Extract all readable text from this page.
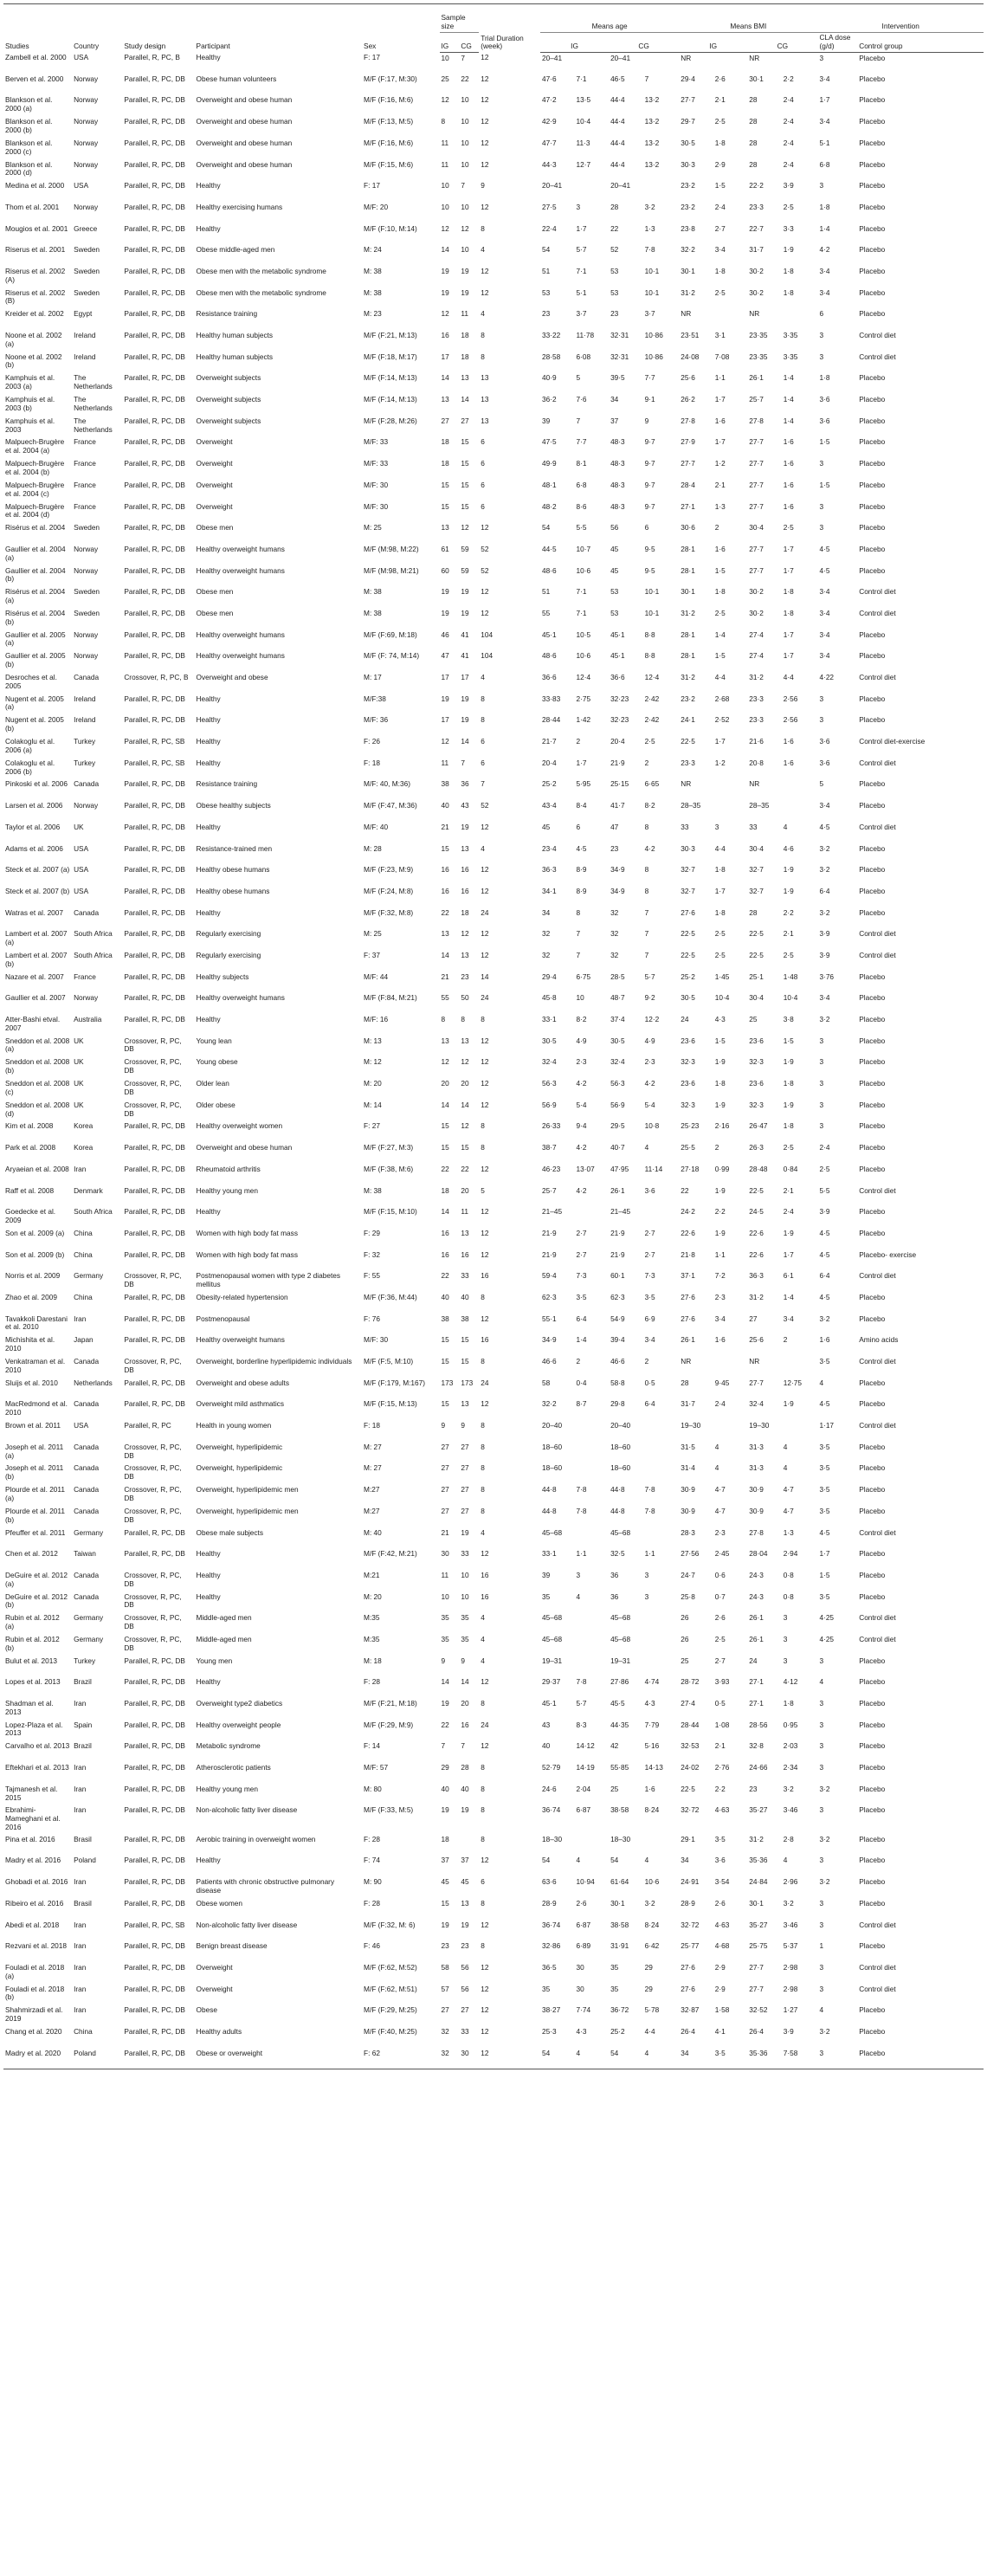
Studies	Country	Study design	Participant	Sex	Sample size		Trial Duration (week)	Means age				Means BMI				Intervention	
					IG	CG		IG		CG		IG		CG		CLA dose (g/d)	Control group
Zambell et al. 2000	USA	Parallel, R, PC, B	Healthy	F: 17	10	7	12	20–41		20–41		NR		NR		3	Placebo
Berven et al. 2000	Norway	Parallel, R, PC, DB	Obese human volunteers	M/F (F:17, M:30)	25	22	12	47·6	7·1	46·5	7	29·4	2·6	30·1	2·2	3·4	Placebo
Blankson et al. 2000 (a)	Norway	Parallel, R, PC, DB	Overweight and obese human	M/F (F:16, M:6)	12	10	12	47·2	13·5	44·4	13·2	27·7	2·1	28	2·4	1·7	Placebo
Blankson et al. 2000 (b)	Norway	Parallel, R, PC, DB	Overweight and obese human	M/F (F:13, M:5)	8	10	12	42·9	10·4	44·4	13·2	29·7	2·5	28	2·4	3·4	Placebo
Blankson et al. 2000 (c)	Norway	Parallel, R, PC, DB	Overweight and obese human	M/F (F:16, M:6)	11	10	12	47·7	11·3	44·4	13·2	30·5	1·8	28	2·4	5·1	Placebo
Blankson et al. 2000 (d)	Norway	Parallel, R, PC, DB	Overweight and obese human	M/F (F:15, M:6)	11	10	12	44·3	12·7	44·4	13·2	30·3	2·9	28	2·4	6·8	Placebo
Medina et al. 2000	USA	Parallel, R, PC, DB	Healthy	F: 17	10	7	9	20–41		20–41		23·2	1·5	22·2	3·9	3	Placebo
Thom et al. 2001	Norway	Parallel, R, PC, DB	Healthy exercising humans	M/F: 20	10	10	12	27·5	3	28	3·2	23·2	2·4	23·3	2·5	1·8	Placebo
Mougios et al. 2001	Greece	Parallel, R, PC, DB	Healthy	M/F (F:10, M:14)	12	12	8	22·4	1·7	22	1·3	23·8	2·7	22·7	3·3	1·4	Placebo
Riserus et al. 2001	Sweden	Parallel, R, PC, DB	Obese middle-aged men	M: 24	14	10	4	54	5·7	52	7·8	32·2	3·4	31·7	1·9	4·2	Placebo
Riserus et al. 2002 (A)	Sweden	Parallel, R, PC, DB	Obese men with the metabolic syndrome	M: 38	19	19	12	51	7·1	53	10·1	30·1	1·8	30·2	1·8	3·4	Placebo
Riserus et al. 2002 (B)	Sweden	Parallel, R, PC, DB	Obese men with the metabolic syndrome	M: 38	19	19	12	53	5·1	53	10·1	31·2	2·5	30·2	1·8	3·4	Placebo
Kreider et al. 2002	Egypt	Parallel, R, PC, DB	Resistance training	M: 23	12	11	4	23	3·7	23	3·7	NR		NR		6	Placebo
Noone et al. 2002 (a)	Ireland	Parallel, R, PC, DB	Healthy human subjects	M/F (F:21, M:13)	16	18	8	33·22	11·78	32·31	10·86	23·51	3·1	23·35	3·35	3	Control diet
Noone et al. 2002 (b)	Ireland	Parallel, R, PC, DB	Healthy human subjects	M/F (F:18, M:17)	17	18	8	28·58	6·08	32·31	10·86	24·08	7·08	23·35	3·35	3	Control diet
Kamphuis et al. 2003 (a)	The Netherlands	Parallel, R, PC, DB	Overweight subjects	M/F (F:14, M:13)	14	13	13	40·9	5	39·5	7·7	25·6	1·1	26·1	1·4	1·8	Placebo
Kamphuis et al. 2003 (b)	The Netherlands	Parallel, R, PC, DB	Overweight subjects	M/F (F:14, M:13)	13	14	13	36·2	7·6	34	9·1	26·2	1·7	25·7	1·4	3·6	Placebo
Kamphuis et al. 2003	The Netherlands	Parallel, R, PC, DB	Overweight subjects	M/F (F:28, M:26)	27	27	13	39	7	37	9	27·8	1·6	27·8	1·4	3·6	Placebo
Malpuech-Brugère et al. 2004 (a)	France	Parallel, R, PC, DB	Overweight	M/F: 33	18	15	6	47·5	7·7	48·3	9·7	27·9	1·7	27·7	1·6	1·5	Placebo
Malpuech-Brugère et al. 2004 (b)	France	Parallel, R, PC, DB	Overweight	M/F: 33	18	15	6	49·9	8·1	48·3	9·7	27·7	1·2	27·7	1·6	3	Placebo
Malpuech-Brugère et al. 2004 (c)	France	Parallel, R, PC, DB	Overweight	M/F: 30	15	15	6	48·1	6·8	48·3	9·7	28·4	2·1	27·7	1·6	1·5	Placebo
Malpuech-Brugère et al. 2004 (d)	France	Parallel, R, PC, DB	Overweight	M/F: 30	15	15	6	48·2	8·6	48·3	9·7	27·1	1·3	27·7	1·6	3	Placebo
Risérus et al. 2004	Sweden	Parallel, R, PC, DB	Obese men	M: 25	13	12	12	54	5·5	56	6	30·6	2	30·4	2·5	3	Placebo
Gaullier et al. 2004 (a)	Norway	Parallel, R, PC, DB	Healthy overweight humans	M/F (M:98, M:22)	61	59	52	44·5	10·7	45	9·5	28·1	1·6	27·7	1·7	4·5	Placebo
Gaullier et al. 2004 (b)	Norway	Parallel, R, PC, DB	Healthy overweight humans	M/F (M:98, M:21)	60	59	52	48·6	10·6	45	9·5	28·1	1·5	27·7	1·7	4·5	Placebo
Risérus et al. 2004 (a)	Sweden	Parallel, R, PC, DB	Obese men	M: 38	19	19	12	51	7·1	53	10·1	30·1	1·8	30·2	1·8	3·4	Control diet
Risérus et al. 2004 (b)	Sweden	Parallel, R, PC, DB	Obese men	M: 38	19	19	12	55	7·1	53	10·1	31·2	2·5	30·2	1·8	3·4	Control diet
Gaullier et al. 2005 (a)	Norway	Parallel, R, PC, DB	Healthy overweight humans	M/F (F:69, M:18)	46	41	104	45·1	10·5	45·1	8·8	28·1	1·4	27·4	1·7	3·4	Placebo
Gaullier et al. 2005 (b)	Norway	Parallel, R, PC, DB	Healthy overweight humans	M/F (F: 74, M:14)	47	41	104	48·6	10·6	45·1	8·8	28·1	1·5	27·4	1·7	3·4	Placebo
Desroches et al. 2005	Canada	Crossover, R, PC, B	Overweight and obese	M: 17	17	17	4	36·6	12·4	36·6	12·4	31·2	4·4	31·2	4·4	4·22	Control diet
Nugent et al. 2005 (a)	Ireland	Parallel, R, PC, DB	Healthy	M/F:38	19	19	8	33·83	2·75	32·23	2·42	23·2	2·68	23·3	2·56	3	Placebo
Nugent et al. 2005 (b)	Ireland	Parallel, R, PC, DB	Healthy	M/F: 36	17	19	8	28·44	1·42	32·23	2·42	24·1	2·52	23·3	2·56	3	Placebo
Colakoglu et al. 2006 (a)	Turkey	Parallel, R, PC, SB	Healthy	F: 26	12	14	6	21·7	2	20·4	2·5	22·5	1·7	21·6	1·6	3·6	Control diet-exercise
Colakoglu et al. 2006 (b)	Turkey	Parallel, R, PC, SB	Healthy	F: 18	11	7	6	20·4	1·7	21·9	2	23·3	1·2	20·8	1·6	3·6	Control diet
Pinkoski et al. 2006	Canada	Parallel, R, PC, DB	Resistance training	M/F: 40, M:36)	38	36	7	25·2	5·95	25·15	6·65	NR		NR		5	Placebo
Larsen et al. 2006	Norway	Parallel, R, PC, DB	Obese healthy subjects	M/F (F:47, M:36)	40	43	52	43·4	8·4	41·7	8·2	28–35		28–35		3·4	Placebo
Taylor et al. 2006	UK	Parallel, R, PC, DB	Healthy	M/F: 40	21	19	12	45	6	47	8	33	3	33	4	4·5	Control diet
Adams et al. 2006	USA	Parallel, R, PC, DB	Resistance-trained men	M: 28	15	13	4	23·4	4·5	23	4·2	30·3	4·4	30·4	4·6	3·2	Placebo
Steck et al. 2007 (a)	USA	Parallel, R, PC, DB	Healthy obese humans	M/F (F:23, M:9)	16	16	12	36·3	8·9	34·9	8	32·7	1·8	32·7	1·9	3·2	Placebo
Steck et al. 2007 (b)	USA	Parallel, R, PC, DB	Healthy obese humans	M/F (F:24, M:8)	16	16	12	34·1	8·9	34·9	8	32·7	1·7	32·7	1·9	6·4	Placebo
Watras et al. 2007	Canada	Parallel, R, PC, DB	Healthy	M/F (F:32, M:8)	22	18	24	34	8	32	7	27·6	1·8	28	2·2	3·2	Placebo
Lambert et al. 2007 (a)	South Africa	Parallel, R, PC, DB	Regularly exercising	M: 25	13	12	12	32	7	32	7	22·5	2·5	22·5	2·1	3·9	Control diet
Lambert et al. 2007 (b)	South Africa	Parallel, R, PC, DB	Regularly exercising	F: 37	14	13	12	32	7	32	7	22·5	2·5	22·5	2·5	3·9	Control diet
Nazare et al. 2007	France	Parallel, R, PC, DB	Healthy subjects	M/F: 44	21	23	14	29·4	6·75	28·5	5·7	25·2	1·45	25·1	1·48	3·76	Placebo
Gaullier et al. 2007	Norway	Parallel, R, PC, DB	Healthy overweight humans	M/F (F:84, M:21)	55	50	24	45·8	10	48·7	9·2	30·5	10·4	30·4	10·4	3·4	Placebo
Atter-Bashi etval. 2007	Australia	Parallel, R, PC, DB	Healthy	M/F: 16	8	8	8	33·1	8·2	37·4	12·2	24	4·3	25	3·8	3·2	Placebo
Sneddon et al. 2008 (a)	UK	Crossover, R, PC, DB	Young lean	M: 13	13	13	12	30·5	4·9	30·5	4·9	23·6	1·5	23·6	1·5	3	Placebo
Sneddon et al. 2008 (b)	UK	Crossover, R, PC, DB	Young obese	M: 12	12	12	12	32·4	2·3	32·4	2·3	32·3	1·9	32·3	1·9	3	Placebo
Sneddon et al. 2008 (c)	UK	Crossover, R, PC, DB	Older lean	M: 20	20	20	12	56·3	4·2	56·3	4·2	23·6	1·8	23·6	1·8	3	Placebo
Sneddon et al. 2008 (d)	UK	Crossover, R, PC, DB	Older obese	M: 14	14	14	12	56·9	5·4	56·9	5·4	32·3	1·9	32·3	1·9	3	Placebo
Kim et al. 2008	Korea	Parallel, R, PC, DB	Healthy overweight women	F: 27	15	12	8	26·33	9·4	29·5	10·8	25·23	2·16	26·47	1·8	3	Placebo
Park et al. 2008	Korea	Parallel, R, PC, DB	Overweight and obese human	M/F (F:27, M:3)	15	15	8	38·7	4·2	40·7	4	25·5	2	26·3	2·5	2·4	Placebo
Aryaeian et al. 2008	Iran	Parallel, R, PC, DB	Rheumatoid arthritis	M/F (F:38, M:6)	22	22	12	46·23	13·07	47·95	11·14	27·18	0·99	28·48	0·84	2·5	Placebo
Raff et al. 2008	Denmark	Parallel, R, PC, DB	Healthy young men	M: 38	18	20	5	25·7	4·2	26·1	3·6	22	1·9	22·5	2·1	5·5	Control diet
Goedecke et al. 2009	South Africa	Parallel, R, PC, DB	Healthy	M/F (F:15, M:10)	14	11	12	21–45		21–45		24·2	2·2	24·5	2·4	3·9	Placebo
Son et al. 2009 (a)	China	Parallel, R, PC, DB	Women with high body fat mass	F: 29	16	13	12	21·9	2·7	21·9	2·7	22·6	1·9	22·6	1·9	4·5	Placebo
Son et al. 2009 (b)	China	Parallel, R, PC, DB	Women with high body fat mass	F: 32	16	16	12	21·9	2·7	21·9	2·7	21·8	1·1	22·6	1·7	4·5	Placebo- exercise
Norris et al. 2009	Germany	Crossover, R, PC, DB	Postmenopausal women with type 2 diabetes mellitus	F: 55	22	33	16	59·4	7·3	60·1	7·3	37·1	7·2	36·3	6·1	6·4	Control diet
Zhao et al. 2009	China	Parallel, R, PC, DB	Obesity-related hypertension	M/F (F:36, M:44)	40	40	8	62·3	3·5	62·3	3·5	27·6	2·3	31·2	1·4	4·5	Placebo
Tavakkoli Darestani et al. 2010	Iran	Parallel, R, PC, DB	Postmenopausal	F: 76	38	38	12	55·1	6·4	54·9	6·9	27·6	3·4	27	3·4	3·2	Placebo
Michishita et al. 2010	Japan	Parallel, R, PC, DB	Healthy overweight humans	M/F: 30	15	15	16	34·9	1·4	39·4	3·4	26·1	1·6	25·6	2	1·6	Amino acids
Venkatraman et al. 2010	Canada	Crossover, R, PC, DB	Overweight, borderline hyperlipidemic individuals	M/F (F:5, M:10)	15	15	8	46·6	2	46·6	2	NR		NR		3·5	Control diet
Sluijs et al. 2010	Netherlands	Parallel, R, PC, DB	Overweight and obese adults	M/F (F:179, M:167)	173	173	24	58	0·4	58·8	0·5	28	9·45	27·7	12·75	4	Placebo
MacRedmond et al. 2010	Canada	Parallel, R, PC, DB	Overweight mild asthmatics	M/F (F:15, M:13)	15	13	12	32·2	8·7	29·8	6·4	31·7	2·4	32·4	1·9	4·5	Placebo
Brown et al. 2011	USA	Parallel, R, PC	Health in young women	F: 18	9	9	8	20–40		20–40		19–30		19–30		1·17	Control diet
Joseph et al. 2011 (a)	Canada	Crossover, R, PC, DB	Overweight, hyperlipidemic	M: 27	27	27	8	18–60		18–60		31·5	4	31·3	4	3·5	Placebo
Joseph et al. 2011 (b)	Canada	Crossover, R, PC, DB	Overweight, hyperlipidemic	M: 27	27	27	8	18–60		18–60		31·4	4	31·3	4	3·5	Placebo
Plourde et al. 2011 (a)	Canada	Crossover, R, PC, DB	Overweight, hyperlipidemic men	M:27	27	27	8	44·8	7·8	44·8	7·8	30·9	4·7	30·9	4·7	3·5	Placebo
Plourde et al. 2011 (b)	Canada	Crossover, R, PC, DB	Overweight, hyperlipidemic men	M:27	27	27	8	44·8	7·8	44·8	7·8	30·9	4·7	30·9	4·7	3·5	Placebo
Pfeuffer et al. 2011	Germany	Parallel, R, PC, DB	Obese male subjects	M: 40	21	19	4	45–68		45–68		28·3	2·3	27·8	1·3	4·5	Control diet
Chen et al. 2012	Taiwan	Parallel, R, PC, DB	Healthy	M/F (F:42, M:21)	30	33	12	33·1	1·1	32·5	1·1	27·56	2·45	28·04	2·94	1·7	Placebo
DeGuire et al. 2012 (a)	Canada	Crossover, R, PC, DB	Healthy	M:21	11	10	16	39	3	36	3	24·7	0·6	24·3	0·8	1·5	Placebo
DeGuire et al. 2012 (b)	Canada	Crossover, R, PC, DB	Healthy	M: 20	10	10	16	35	4	36	3	25·8	0·7	24·3	0·8	3·5	Placebo
Rubin et al. 2012 (a)	Germany	Crossover, R, PC, DB	Middle-aged men	M:35	35	35	4	45–68		45–68		26	2·6	26·1	3	4·25	Control diet
Rubin et al. 2012 (b)	Germany	Crossover, R, PC, DB	Middle-aged men	M:35	35	35	4	45–68		45–68		26	2·5	26·1	3	4·25	Control diet
Bulut et al. 2013	Turkey	Parallel, R, PC, DB	Young men	M: 18	9	9	4	19–31		19–31		25	2·7	24	3	3	Placebo
Lopes et al. 2013	Brazil	Parallel, R, PC, DB	Healthy	F: 28	14	14	12	29·37	7·8	27·86	4·74	28·72	3·93	27·1	4·12	4	Placebo
Shadman et al. 2013	Iran	Parallel, R, PC, DB	Overweight type2 diabetics	M/F (F:21, M:18)	19	20	8	45·1	5·7	45·5	4·3	27·4	0·5	27·1	1·8	3	Placebo
Lopez-Plaza et al. 2013	Spain	Parallel, R, PC, DB	Healthy overweight people	M/F (F:29, M:9)	22	16	24	43	8·3	44·35	7·79	28·44	1·08	28·56	0·95	3	Placebo
Carvalho et al. 2013	Brazil	Parallel, R, PC, DB	Metabolic syndrome	F: 14	7	7	12	40	14·12	42	5·16	32·53	2·1	32·8	2·03	3	Placebo
Eftekhari et al. 2013	Iran	Parallel, R, PC, DB	Atherosclerotic patients	M/F: 57	29	28	8	52·79	14·19	55·85	14·13	24·02	2·76	24·66	2·34	3	Placebo
Tajmanesh et al. 2015	Iran	Parallel, R, PC, DB	Healthy young men	M: 80	40	40	8	24·6	2·04	25	1·6	22·5	2·2	23	3·2	3·2	Placebo
Ebrahimi-Mameghani et al. 2016	Iran	Parallel, R, PC, DB	Non-alcoholic fatty liver disease	M/F (F:33, M:5)	19	19	8	36·74	6·87	38·58	8·24	32·72	4·63	35·27	3·46	3	Placebo
Pina et al. 2016	Brasil	Parallel, R, PC, DB	Aerobic training in overweight women	F: 28	18		8	18–30		18–30		29·1	3·5	31·2	2·8	3·2	Placebo
Madry et al. 2016	Poland	Parallel, R, PC, DB	Healthy	F: 74	37	37	12	54	4	54	4	34	3·6	35·36	4	3	Placebo
Ghobadi et al. 2016	Iran	Parallel, R, PC, DB	Patients with chronic obstructive pulmonary disease	M: 90	45	45	6	63·6	10·94	61·64	10·6	24·91	3·54	24·84	2·96	3·2	Placebo
Ribeiro et al. 2016	Brasil	Parallel, R, PC, DB	Obese women	F: 28	15	13	8	28·9	2·6	30·1	3·2	28·9	2·6	30·1	3·2	3	Placebo
Abedi et al. 2018	Iran	Parallel, R, PC, SB	Non-alcoholic fatty liver disease	M/F (F:32, M: 6)	19	19	12	36·74	6·87	38·58	8·24	32·72	4·63	35·27	3·46	3	Control diet
Rezvani et al. 2018	Iran	Parallel, R, PC, DB	Benign breast disease	F: 46	23	23	8	32·86	6·89	31·91	6·42	25·77	4·68	25·75	5·37	1	Placebo
Fouladi et al. 2018 (a)	Iran	Parallel, R, PC, DB	Overweight	M/F (F:62, M:52)	58	56	12	36·5	30	35	29	27·6	2·9	27·7	2·98	3	Control diet
Fouladi et al. 2018 (b)	Iran	Parallel, R, PC, DB	Overweight	M/F (F:62, M:51)	57	56	12	35	30	35	29	27·6	2·9	27·7	2·98	3	Control diet
Shahmirzadi et al. 2019	Iran	Parallel, R, PC, DB	Obese	M/F (F:29, M:25)	27	27	12	38·27	7·74	36·72	5·78	32·87	1·58	32·52	1·27	4	Placebo
Chang et al. 2020	China	Parallel, R, PC, DB	Healthy adults	M/F (F:40, M:25)	32	33	12	25·3	4·3	25·2	4·4	26·4	4·1	26·4	3·9	3·2	Placebo
Madry et al. 2020	Poland	Parallel, R, PC, DB	Obese or overweight	F: 62	32	30	12	54	4	54	4	34	3·5	35·36	7·58	3	Placebo
